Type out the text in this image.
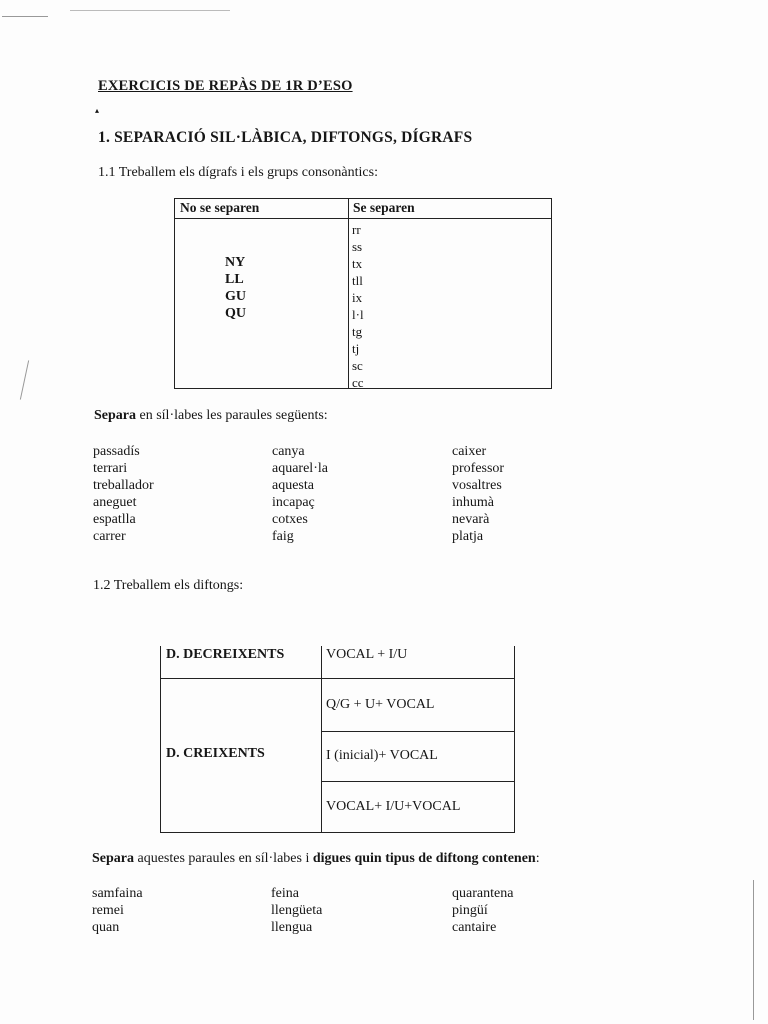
EXERCICIS DE REPÀS DE 1R D’ESO
▴
1. SEPARACIÓ SIL·LÀBICA, DIFTONGS, DÍGRAFS
1.1 Treballem els dígrafs i els grups consonàntics:
No se separen	Se separen
NY
LL
GU
QU
rr
ss
tx
tll
ix
l·l
tg
tj
sc
cc
Separa en síl·labes les paraules següents:
passadís
terrari
treballador
aneguet
espatlla
carrer
canya
aquarel·la
aquesta
incapaç
cotxes
faig
caixer
professor
vosaltres
inhumà
nevarà
platja
1.2 Treballem els diftongs:
D. DECREIXENTS	VOCAL + I/U
D. CREIXENTS
Q/G + U+ VOCAL
I (inicial)+ VOCAL
VOCAL+ I/U+VOCAL
Separa aquestes paraules en síl·labes i digues quin tipus de diftong contenen:
samfaina
remei
quan
feina
llengüeta
llengua
quarantena
pingüí
cantaire
